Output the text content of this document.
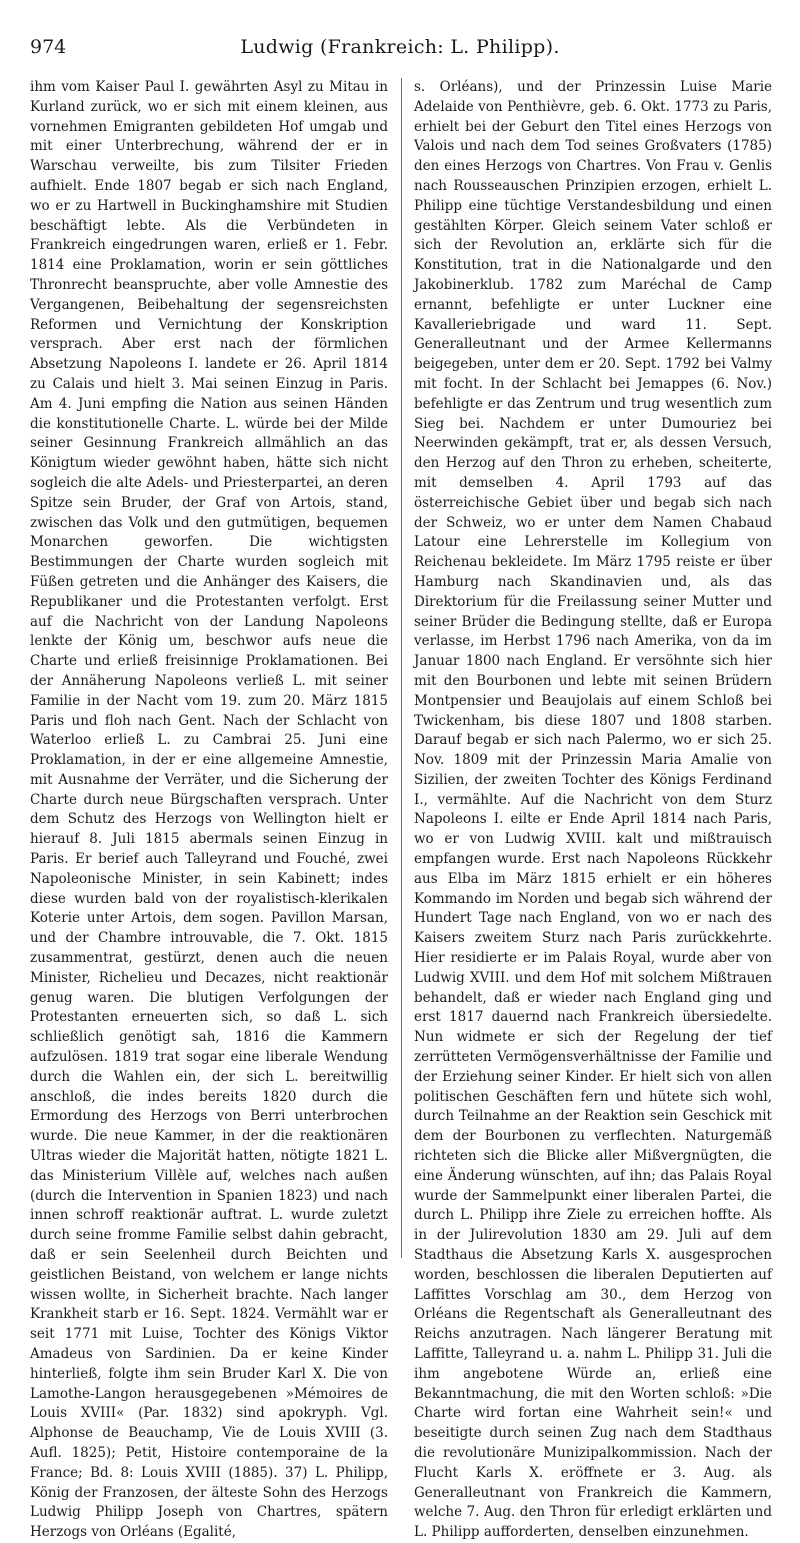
974	Ludwig (Frankreich: L. Philipp).

ihm vom Kaiser Paul I. gewährten Asyl zu Mitau in Kurland zurück, wo er sich mit einem kleinen, aus vornehmen Emigranten gebildeten Hof umgab und mit einer Unterbrechung, während der er in Warschau verweilte, bis zum Tilsiter Frieden aufhielt. Ende 1807 begab er sich nach England, wo er zu Hartwell in Buckinghamshire mit Studien beschäftigt lebte. Als die Verbündeten in Frankreich eingedrungen waren, erließ er 1. Febr. 1814 eine Proklamation, worin er sein göttliches Thronrecht beanspruchte, aber volle Amnestie des Vergangenen, Beibehaltung der segensreichsten Reformen und Vernichtung der Konskription versprach. Aber erst nach der förmlichen Absetzung Napoleons I. landete er 26. April 1814 zu Calais und hielt 3. Mai seinen Einzug in Paris. Am 4. Juni empfing die Nation aus seinen Händen die konstitutionelle Charte. L. würde bei der Milde seiner Gesinnung Frankreich allmählich an das Königtum wieder gewöhnt haben, hätte sich nicht sogleich die alte Adels- und Priesterpartei, an deren Spitze sein Bruder, der Graf von Artois, stand, zwischen das Volk und den gutmütigen, bequemen Monarchen geworfen. Die wichtigsten Bestimmungen der Charte wurden sogleich mit Füßen getreten und die Anhänger des Kaisers, die Republikaner und die Protestanten verfolgt. Erst auf die Nachricht von der Landung Napoleons lenkte der König um, beschwor aufs neue die Charte und erließ freisinnige Proklamationen. Bei der Annäherung Napoleons verließ L. mit seiner Familie in der Nacht vom 19. zum 20. März 1815 Paris und floh nach Gent. Nach der Schlacht von Waterloo erließ L. zu Cambrai 25. Juni eine Proklamation, in der er eine allgemeine Amnestie, mit Ausnahme der Verräter, und die Sicherung der Charte durch neue Bürgschaften versprach. Unter dem Schutz des Herzogs von Wellington hielt er hierauf 8. Juli 1815 abermals seinen Einzug in Paris. Er berief auch Talleyrand und Fouché, zwei Napoleonische Minister, in sein Kabinett; indes diese wurden bald von der royalistisch-klerikalen Koterie unter Artois, dem sogen. Pavillon Marsan, und der Chambre introuvable, die 7. Okt. 1815 zusammentrat, gestürzt, denen auch die neuen Minister, Richelieu und Decazes, nicht reaktionär genug waren. Die blutigen Verfolgungen der Protestanten erneuerten sich, so daß L. sich schließlich genötigt sah, 1816 die Kammern aufzulösen. 1819 trat sogar eine liberale Wendung durch die Wahlen ein, der sich L. bereitwillig anschloß, die indes bereits 1820 durch die Ermordung des Herzogs von Berri unterbrochen wurde. Die neue Kammer, in der die reaktionären Ultras wieder die Majorität hatten, nötigte 1821 L. das Ministerium Villèle auf, welches nach außen (durch die Intervention in Spanien 1823) und nach innen schroff reaktionär auftrat. L. wurde zuletzt durch seine fromme Familie selbst dahin gebracht, daß er sein Seelenheil durch Beichten und geistlichen Beistand, von welchem er lange nichts wissen wollte, in Sicherheit brachte. Nach langer Krankheit starb er 16. Sept. 1824. Vermählt war er seit 1771 mit Luise, Tochter des Königs Viktor Amadeus von Sardinien. Da er keine Kinder hinterließ, folgte ihm sein Bruder Karl X. Die von Lamothe-Langon herausgegebenen »Mémoires de Louis XVIII« (Par. 1832) sind apokryph. Vgl. Alphonse de Beauchamp, Vie de Louis XVIII (3. Aufl. 1825); Petit, Histoire contemporaine de la France; Bd. 8: Louis XVIII (1885). 37) L. Philipp, König der Franzosen, der älteste Sohn des Herzogs Ludwig Philipp Joseph von Chartres, spätern Herzogs von Orléans (Egalité,

s. Orléans), und der Prinzessin Luise Marie Adelaide von Penthièvre, geb. 6. Okt. 1773 zu Paris, erhielt bei der Geburt den Titel eines Herzogs von Valois und nach dem Tod seines Großvaters (1785) den eines Herzogs von Chartres. Von Frau v. Genlis nach Rousseauschen Prinzipien erzogen, erhielt L. Philipp eine tüchtige Verstandesbildung und einen gestählten Körper. Gleich seinem Vater schloß er sich der Revolution an, erklärte sich für die Konstitution, trat in die Nationalgarde und den Jakobinerklub. 1782 zum Maréchal de Camp ernannt, befehligte er unter Luckner eine Kavalleriebrigade und ward 11. Sept. Generalleutnant und der Armee Kellermanns beigegeben, unter dem er 20. Sept. 1792 bei Valmy mit focht. In der Schlacht bei Jemappes (6. Nov.) befehligte er das Zentrum und trug wesentlich zum Sieg bei. Nachdem er unter Dumouriez bei Neerwinden gekämpft, trat er, als dessen Versuch, den Herzog auf den Thron zu erheben, scheiterte, mit demselben 4. April 1793 auf das österreichische Gebiet über und begab sich nach der Schweiz, wo er unter dem Namen Chabaud Latour eine Lehrerstelle im Kollegium von Reichenau bekleidete. Im März 1795 reiste er über Hamburg nach Skandinavien und, als das Direktorium für die Freilassung seiner Mutter und seiner Brüder die Bedingung stellte, daß er Europa verlasse, im Herbst 1796 nach Amerika, von da im Januar 1800 nach England. Er versöhnte sich hier mit den Bourbonen und lebte mit seinen Brüdern Montpensier und Beaujolais auf einem Schloß bei Twickenham, bis diese 1807 und 1808 starben. Darauf begab er sich nach Palermo, wo er sich 25. Nov. 1809 mit der Prinzessin Maria Amalie von Sizilien, der zweiten Tochter des Königs Ferdinand I., vermählte. Auf die Nachricht von dem Sturz Napoleons I. eilte er Ende April 1814 nach Paris, wo er von Ludwig XVIII. kalt und mißtrauisch empfangen wurde. Erst nach Napoleons Rückkehr aus Elba im März 1815 erhielt er ein höheres Kommando im Norden und begab sich während der Hundert Tage nach England, von wo er nach des Kaisers zweitem Sturz nach Paris zurückkehrte. Hier residierte er im Palais Royal, wurde aber von Ludwig XVIII. und dem Hof mit solchem Mißtrauen behandelt, daß er wieder nach England ging und erst 1817 dauernd nach Frankreich übersiedelte. Nun widmete er sich der Regelung der tief zerrütteten Vermögensverhältnisse der Familie und der Erziehung seiner Kinder. Er hielt sich von allen politischen Geschäften fern und hütete sich wohl, durch Teilnahme an der Reaktion sein Geschick mit dem der Bourbonen zu verflechten. Naturgemäß richteten sich die Blicke aller Mißvergnügten, die eine Änderung wünschten, auf ihn; das Palais Royal wurde der Sammelpunkt einer liberalen Partei, die durch L. Philipp ihre Ziele zu erreichen hoffte. Als in der Julirevolution 1830 am 29. Juli auf dem Stadthaus die Absetzung Karls X. ausgesprochen worden, beschlossen die liberalen Deputierten auf Laffittes Vorschlag am 30., dem Herzog von Orléans die Regentschaft als Generalleutnant des Reichs anzutragen. Nach längerer Beratung mit Laffitte, Talleyrand u. a. nahm L. Philipp 31. Juli die ihm angebotene Würde an, erließ eine Bekanntmachung, die mit den Worten schloß: »Die Charte wird fortan eine Wahrheit sein!« und beseitigte durch seinen Zug nach dem Stadthaus die revolutionäre Munizipalkommission. Nach der Flucht Karls X. eröffnete er 3. Aug. als Generalleutnant von Frankreich die Kammern, welche 7. Aug. den Thron für erledigt erklärten und L. Philipp aufforderten, denselben einzunehmen.
